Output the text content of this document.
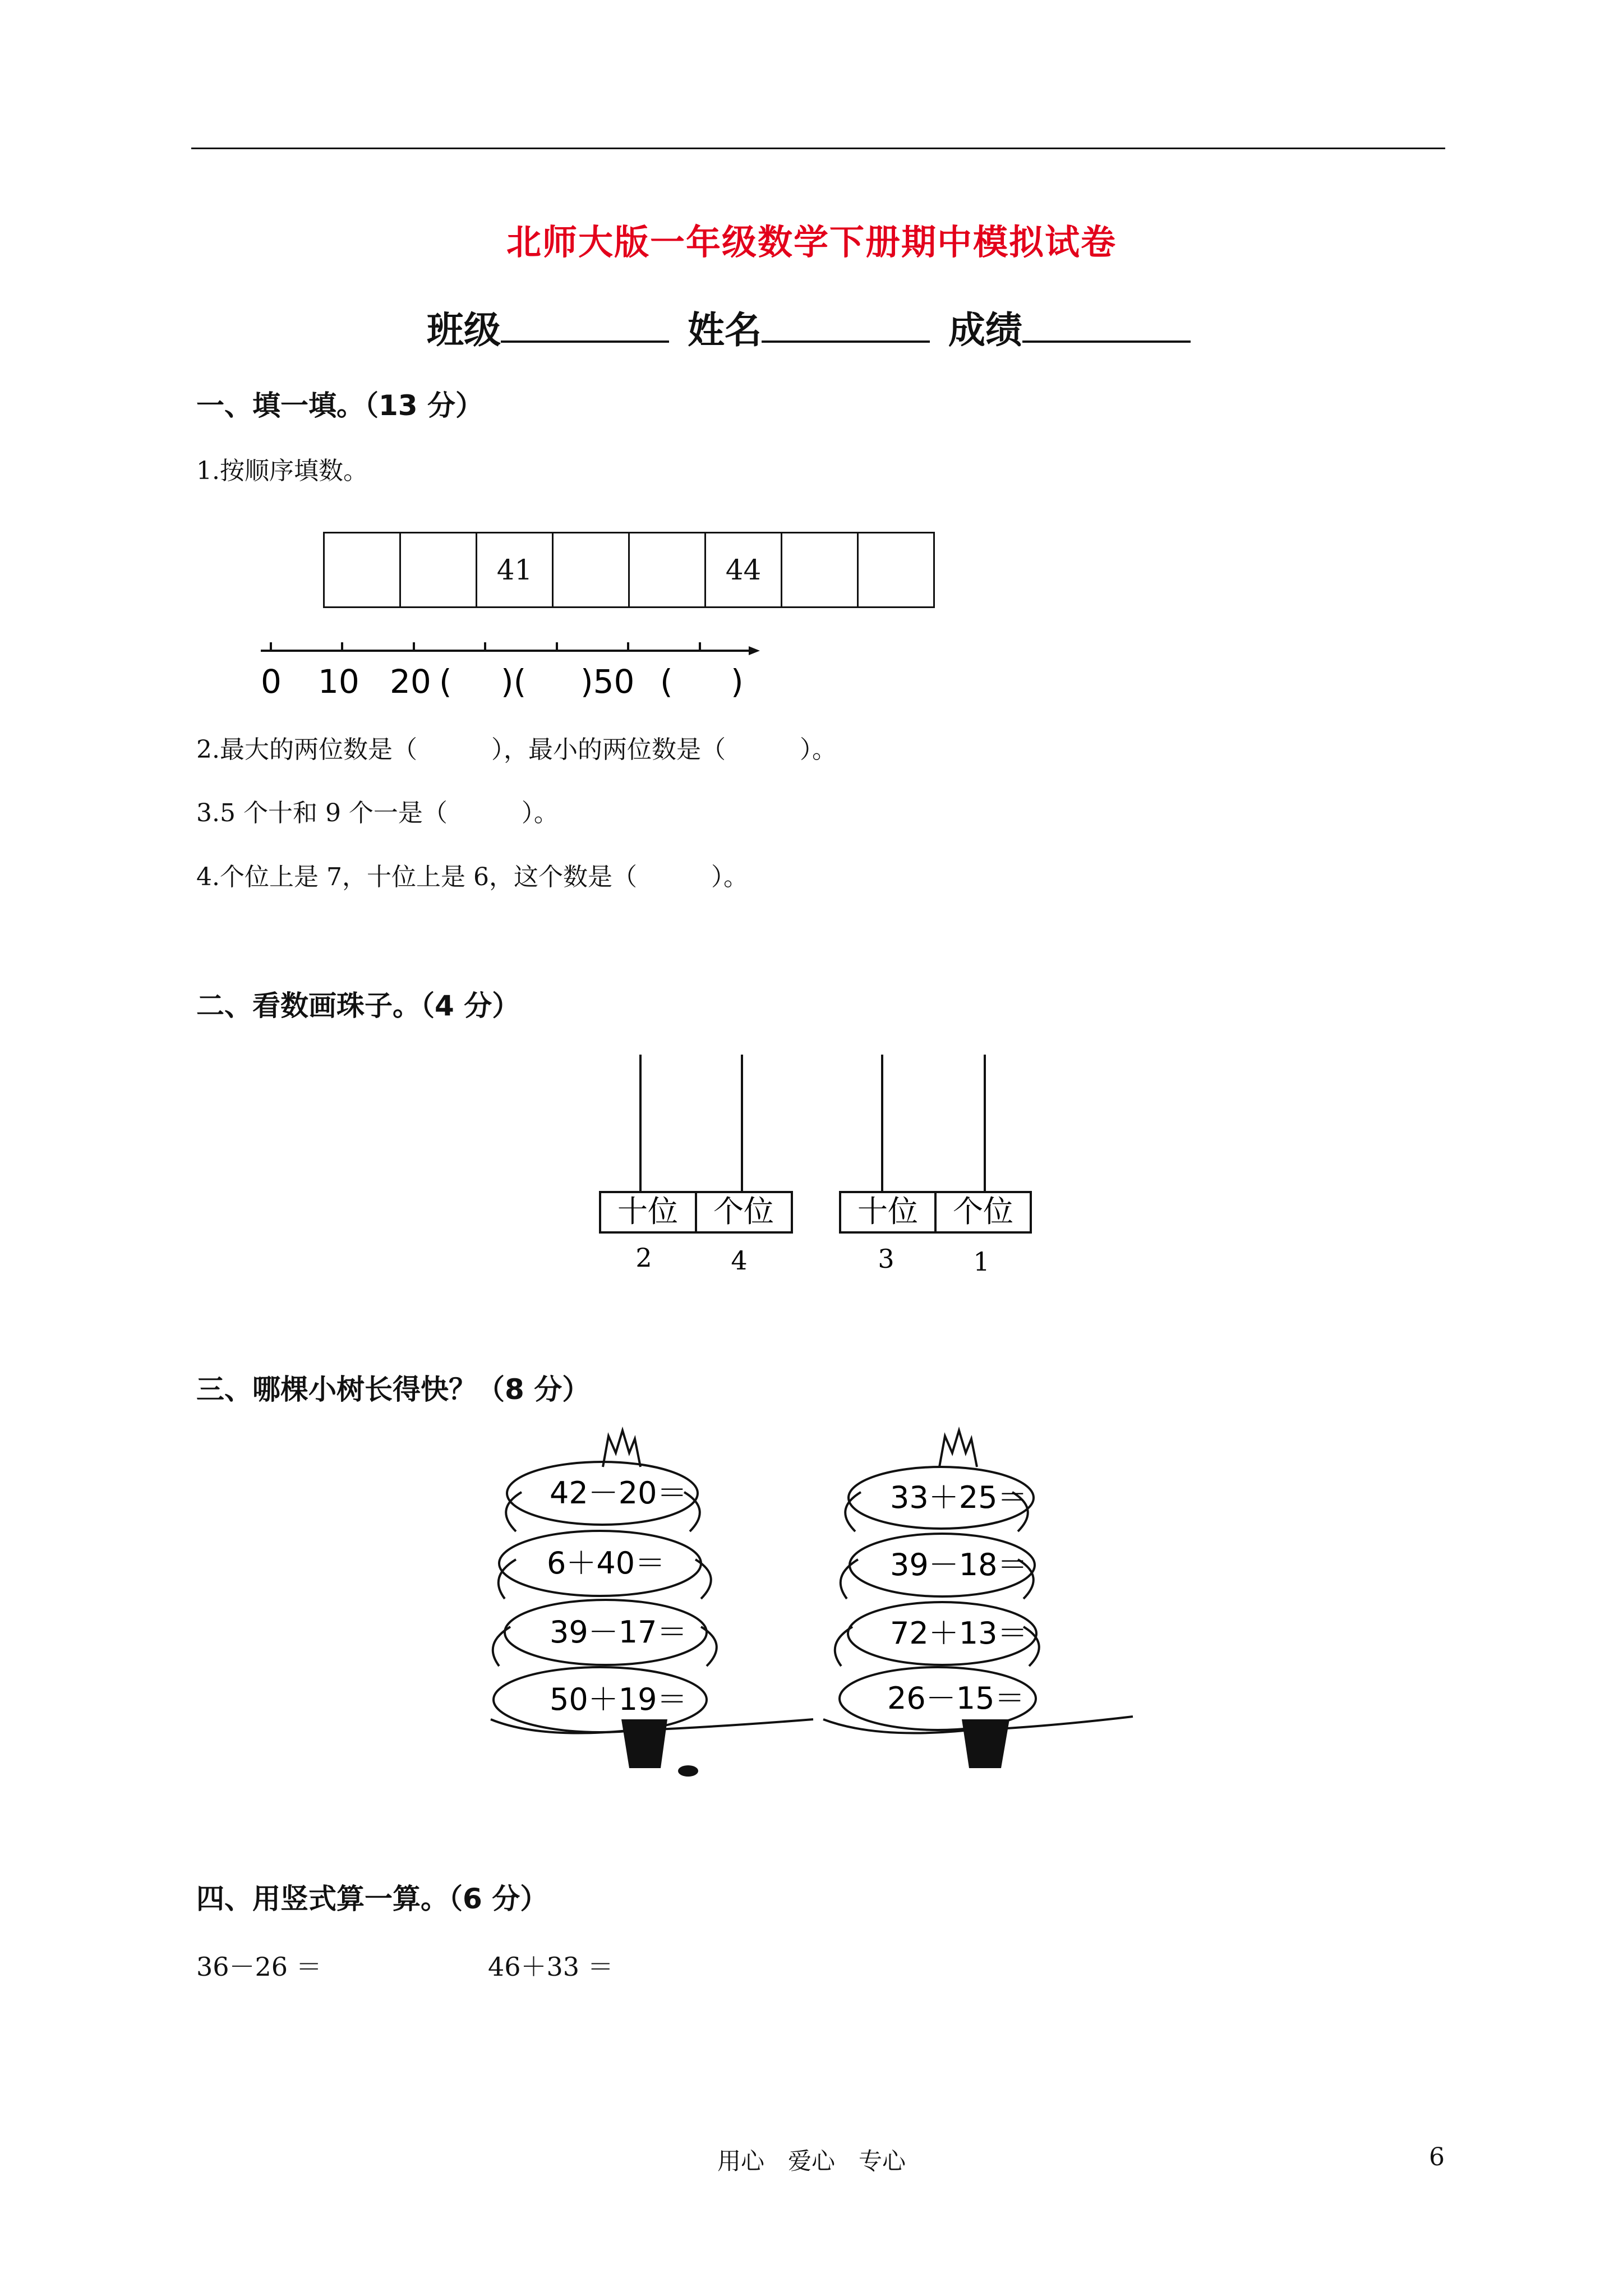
北师大版一年级数学下册期中模拟试卷
班级	姓名	成绩
一、填一填。（13 分）
1.按顺序填数。
		41			44		
0 10 20 ( )( )50 ( )
2.最大的两位数是（　　　），最小的两位数是（　　　）。
3.5 个十和 9 个一是（　　　）。
4.个位上是 7，十位上是 6，这个数是（　　　）。
二、看数画珠子。（4 分）
十位 个位
2	4
十位 个位
3	1
三、哪棵小树长得快？（8 分）
42－20＝
6＋40＝
39－17＝
50＋19＝
33＋25＝
39－18＝
72＋13＝
26－15＝
四、用竖式算一算。（6 分）
36－26 ＝	46＋33 ＝
用心　爱心　专心	6
